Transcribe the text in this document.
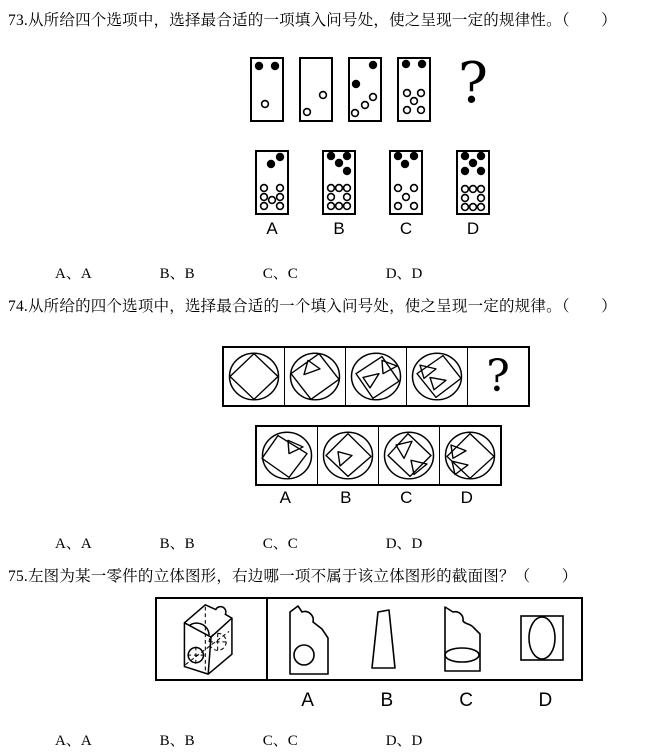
73.从所给四个选项中，选择最合适的一项填入问号处，使之呈现一定的规律性。（　　）
?
A	B	C	D
A、A	B、B	C、C	D、D
74.从所给的四个选项中，选择最合适的一个填入问号处，使之呈现一定的规律。（　　）
?
A	B	C	D
A、A	B、B	C、C	D、D
75.左图为某一零件的立体图形，右边哪一项不属于该立体图形的截面图？（　　）
A	B	C	D
A、A	B、B	C、C	D、D
